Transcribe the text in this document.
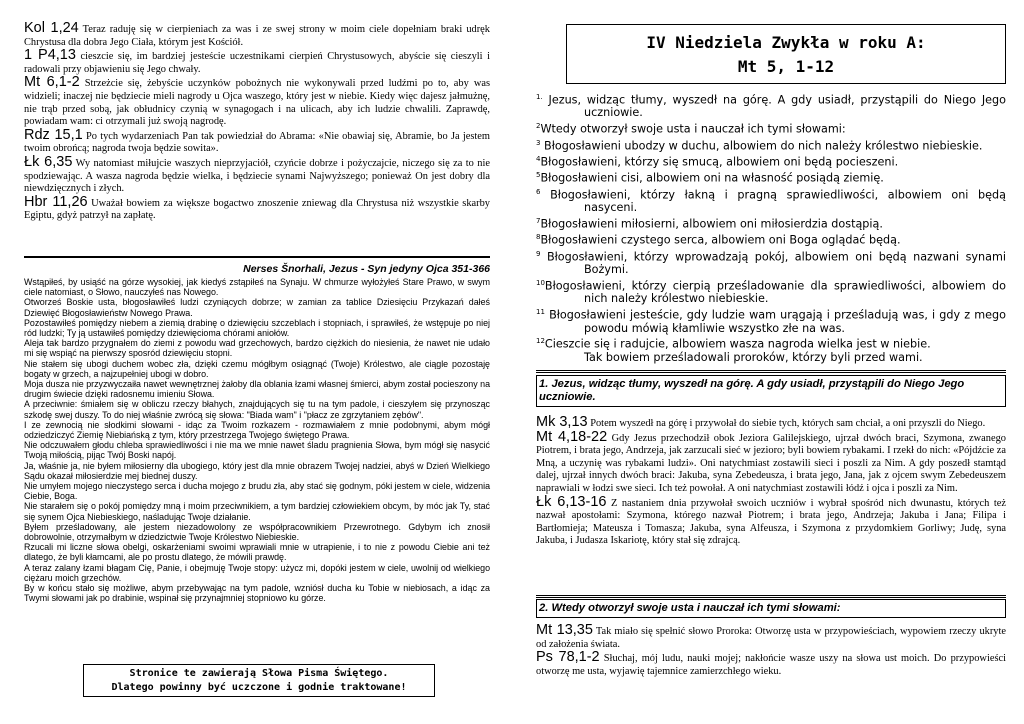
Kol 1,24 Teraz raduję się w cierpieniach za was i ze swej strony w moim ciele dopełniam braki udręk Chrystusa dla dobra Jego Ciała, którym jest Kościół.

1 P4,13 cieszcie się, im bardziej jesteście uczestnikami cierpień Chrystusowych, abyście się cieszyli i radowali przy objawieniu się Jego chwały.

Mt 6,1-2 Strzeżcie się, żebyście uczynków pobożnych nie wykonywali przed ludźmi po to, aby was widzieli; inaczej nie będziecie mieli nagrody u Ojca waszego, który jest w niebie. Kiedy więc dajesz jałmużnę, nie trąb przed sobą, jak obłudnicy czynią w synagogach i na ulicach, aby ich ludzie chwalili. Zaprawdę, powiadam wam: ci otrzymali już swoją nagrodę.

Rdz 15,1 Po tych wydarzeniach Pan tak powiedział do Abrama: «Nie obawiaj się, Abramie, bo Ja jestem twoim obrońcą; nagroda twoja będzie sowita».

Łk 6,35 Wy natomiast miłujcie waszych nieprzyjaciół, czyńcie dobrze i pożyczajcie, niczego się za to nie spodziewając. A wasza nagroda będzie wielka, i będziecie synami Najwyższego; ponieważ On jest dobry dla niewdzięcznych i złych.

Hbr 11,26 Uważał bowiem za większe bogactwo znoszenie zniewag dla Chrystusa niż wszystkie skarby Egiptu, gdyż patrzył na zapłatę.

Nerses Šnorhali, Jezus - Syn jedyny Ojca 351-366

Wstąpiłeś, by usiąść na górze wysokiej, jak kiedyś zstąpiłeś na Synaju. W chmurze wyłożyłeś Stare Prawo, w swym ciele natomiast, o Słowo, nauczyłeś nas Nowego.

Otworześ Boskie usta, błogosławiłeś ludzi czyniących dobrze; w zamian za tablice Dziesięciu Przykazań dałeś Dziewięć Błogosławieństw Nowego Prawa.

Pozostawiłeś pomiędzy niebem a ziemią drabinę o dziewięciu szczeblach i stopniach, i sprawiłeś, że wstępuje po niej ród ludzki; Ty ją ustawiłeś pomiędzy dziewięcioma chórami aniołów.

Aleja tak bardzo przygnałem do ziemi z powodu wad grzechowych, bardzo ciężkich do niesienia, że nawet nie udało mi się wspiąć na pierwszy sposród dziewięciu stopni.

Nie stałem się ubogi duchem wobec zła, dzięki czemu mógłbym osiągnąć (Twoje) Królestwo, ale ciągle pozostaję bogaty w grzech, a najzupełniej ubogi w dobro.

Moja dusza nie przyzwyczaiła nawet wewnętrznej żałoby dla oblania łzami własnej śmierci, abym został pocieszony na drugim świecie dzięki radosnemu imieniu Słowa.

A przeciwnie: śmiałem się w obliczu rzeczy błahych, znajdujących się tu na tym padole, i cieszyłem się przynosząc szkodę swej duszy. To do niej właśnie zwrócą się słowa: "Biada wam" i "płacz ze zgrzytaniem zębów".

I ze zewnocią nie słodkimi słowami - idąc za Twoim rozkazem - rozmawiałem z mnie podobnymi, abym mógł odziedziczyć Ziemię Niebiańską z tym, który przestrzega Twojego świętego Prawa.

Nie odczuwałem głodu chleba sprawiedliwości i nie ma we mnie nawet śladu pragnienia Słowa, bym mógł się nasycić Twoją miłością, pijąc Twój Boski napój.

Ja, właśnie ja, nie byłem miłosierny dla ubogiego, który jest dla mnie obrazem Twojej nadziei, abyś w Dzień Wielkiego Sądu okazał miłosierdzie mej biednej duszy.

Nie umyłem mojego nieczystego serca i ducha mojego z brudu zła, aby stać się godnym, póki jestem w ciele, widzenia Ciebie, Boga.

Nie starałem się o pokój pomiędzy mną i moim przeciwnikiem, a tym bardziej człowiekiem obcym, by móc jak Ty, stać się synem Ojca Niebieskiego, naśladując Twoje działanie.

Byłem prześladowany, ale jestem niezadowolony ze współpracownikiem Przewrotnego. Gdybym ich znosił dobrowolnie, otrzymałbym w dziedzictwie Twoje Królestwo Niebieskie.

Rzucali mi liczne słowa obelgi, oskarżeniami swoimi wprawiali mnie w utrapienie, i to nie z powodu Ciebie ani też dlatego, że byli kłamcami, ale po prostu dlatego, że mówili prawdę.

A teraz zalany łzami błagam Cię, Panie, i obejmuję Twoje stopy: użycz mi, dopóki jestem w ciele, uwolnij od wielkiego ciężaru moich grzechów.

By w końcu stało się możliwe, abym przebywając na tym padole, wzniósł ducha ku Tobie w niebiosach, a idąc za Twymi słowami jak po drabinie, wspinał się przynajmniej stopniowo ku górze.

Stronice te zawierają Słowa Pisma Świętego.
Dlatego powinny być uczczone i godnie traktowane!
IV Niedziela Zwykła w roku A:
Mt 5, 1-12

$^{1.}$ Jezus, widząc tłumy, wyszedł na górę. A gdy usiadł, przystąpili do Niego Jego uczniowie.

$^2$Wtedy otworzył swoje usta i nauczał ich tymi słowami:

$^3$ Błogosławieni ubodzy w duchu, albowiem do nich należy królestwo niebieskie.

$^4$Błogosławieni, którzy się smucą, albowiem oni będą pocieszeni.

$^5$Błogosławieni cisi, albowiem oni na własność posiądą ziemię.

$^6$ Błogosławieni, którzy łakną i pragną sprawiedliwości, albowiem oni będą nasyceni.

$^7$Błogosławieni miłosierni, albowiem oni miłosierdzia dostąpią.

$^8$Błogosławieni czystego serca, albowiem oni Boga oglądać będą.

$^9$ Błogosławieni, którzy wprowadzają pokój, albowiem oni będą nazwani synami Bożymi.

$^{10}$Błogosławieni, którzy cierpią prześladowanie dla sprawiedliwości, albowiem do nich należy królestwo niebieskie.

$^{11}$ Błogosławieni jesteście, gdy ludzie wam urągają i prześladują was, i gdy z mego powodu mówią kłamliwie wszystko złe na was.

$^{12}$Cieszcie się i radujcie, albowiem wasza nagroda wielka jest w niebie.

Tak bowiem prześladowali proroków, którzy byli przed wami.

1. Jezus, widząc tłumy, wyszedł na górę. A gdy usiadł, przystąpili do Niego Jego uczniowie.

Mk 3,13 Potem wyszedł na górę i przywołał do siebie tych, których sam chciał, a oni przyszli do Niego.

Mt 4,18-22 Gdy Jezus przechodził obok Jeziora Galilejskiego, ujrzał dwóch braci, Szymona, zwanego Piotrem, i brata jego, Andrzeja, jak zarzucali sieć w jezioro; byli bowiem rybakami. I rzekł do nich: «Pójdźcie za Mną, a uczynię was rybakami ludzi». Oni natychmiast zostawili sieci i poszli za Nim. A gdy poszedł stamtąd dalej, ujrzał innych dwóch braci: Jakuba, syna Zebedeusza, i brata jego, Jana, jak z ojcem swym Zebedeuszem naprawiali w łodzi swe sieci. Ich też powołał. A oni natychmiast zostawili łódź i ojca i poszli za Nim.

Łk 6,13-16 Z nastaniem dnia przywołał swoich uczniów i wybrał spośród nich dwunastu, których też nazwał apostołami: Szymona, którego nazwał Piotrem; i brata jego, Andrzeja; Jakuba i Jana; Filipa i Bartłomieja; Mateusza i Tomasza; Jakuba, syna Alfeusza, i Szymona z przydomkiem Gorliwy; Judę, syna Jakuba, i Judasza Iskariotę, który stał się zdrajcą.

2. Wtedy otworzył swoje usta i nauczał ich tymi słowami:

Mt 13,35 Tak miało się spełnić słowo Proroka: Otworzę usta w przypowieściach, wypowiem rzeczy ukryte od założenia świata.

Ps 78,1-2 Słuchaj, mój ludu, nauki mojej; nakłońcie wasze uszy na słowa ust moich. Do przypowieści otworzę me usta, wyjawię tajemnice zamierzchłego wieku.
